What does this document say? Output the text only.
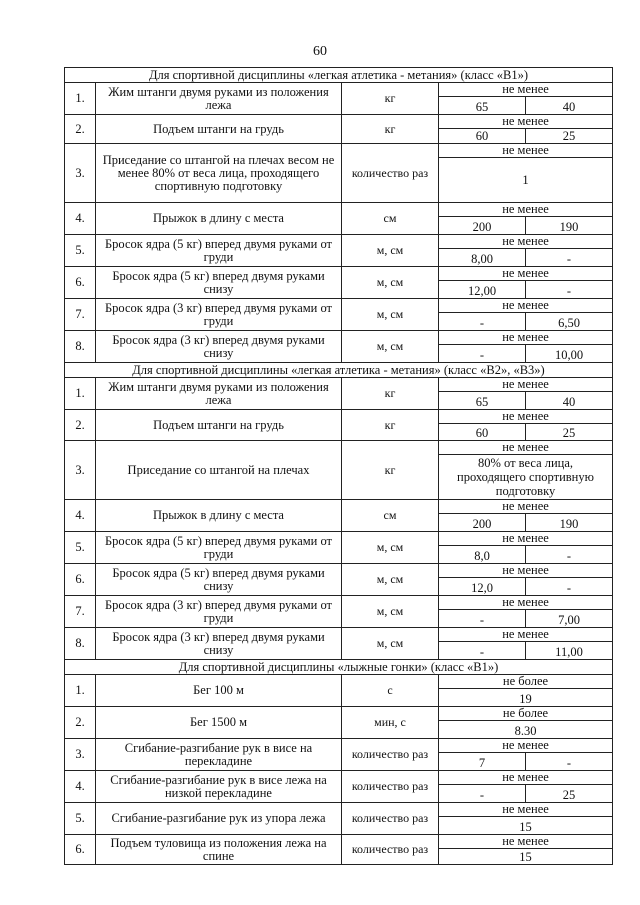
60
Для спортивной дисциплины «легкая атлетика - метания» (класс «В1»)			
1.	Жим штанги двумя руками из положения лежа	кг	не менее
65 40

2.	Подъем штанги на грудь	кг	не менее
60 25

3.	Приседание со штангой на плечах весом не менее 80% от веса лица, проходящего спортивную подготовку	количество раз	не менее
1

4.	Прыжок в длину с места	см	не менее
200 190

5.	Бросок ядра (5 кг) вперед двумя руками от груди	м, см	не менее
8,00 -

6.	Бросок ядра (5 кг) вперед двумя руками снизу	м, см	не менее
12,00 -

7.	Бросок ядра (3 кг) вперед двумя руками от груди	м, см	не менее
- 6,50

8.	Бросок ядра (3 кг) вперед двумя руками снизу	м, см	не менее
- 10,00

Для спортивной дисциплины «легкая атлетика - метания» (класс «В2», «В3»)			
1.	Жим штанги двумя руками из положения лежа	кг	не менее
65 40

2.	Подъем штанги на грудь	кг	не менее
60 25

3.	Приседание со штангой на плечах	кг	не менее
80% от веса лица, проходящего спортивную подготовку

4.	Прыжок в длину с места	см	не менее
200 190

5.	Бросок ядра (5 кг) вперед двумя руками от груди	м, см	не менее
8,0 -

6.	Бросок ядра (5 кг) вперед двумя руками снизу	м, см	не менее
12,0 -

7.	Бросок ядра (3 кг) вперед двумя руками от груди	м, см	не менее
- 7,00

8.	Бросок ядра (3 кг) вперед двумя руками снизу	м, см	не менее
- 11,00

Для спортивной дисциплины «лыжные гонки» (класс «В1»)			
1.	Бег 100 м	с	не более
19

2.	Бег 1500 м	мин, с	не более
8.30

3.	Сгибание-разгибание рук в висе на перекладине	количество раз	не менее
7 -

4.	Сгибание-разгибание рук в висе лежа на низкой перекладине	количество раз	не менее
- 25

5.	Сгибание-разгибание рук из упора лежа	количество раз	не менее
15

6.	Подъем туловища из положения лежа на спине	количество раз	не менее
15
